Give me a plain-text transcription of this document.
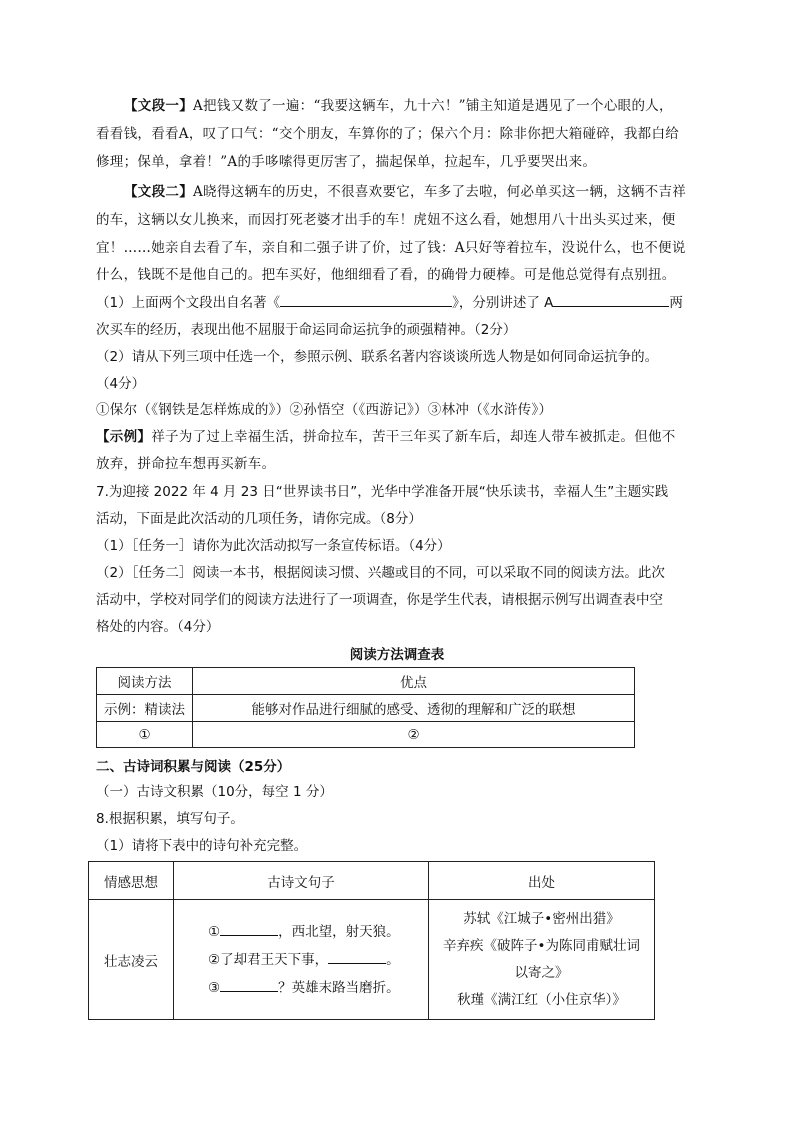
【文段一】A把钱又数了一遍：“我要这辆车，九十六！”铺主知道是遇见了一个心眼的人，
看看钱，看看A，叹了口气：“交个朋友，车算你的了；保六个月：除非你把大箱碰碎，我都白给
修理；保单，拿着！”A的手哆嗦得更厉害了，揣起保单，拉起车，几乎要哭出来。
【文段二】A晓得这辆车的历史，不很喜欢要它，车多了去啦，何必单买这一辆，这辆不吉祥
的车，这辆以女儿换来，而因打死老婆才出手的车！虎妞不这么看，她想用八十出头买过来，便
宜！……她亲自去看了车，亲自和二强子讲了价，过了钱：A只好等着拉车，没说什么，也不便说
什么，钱既不是他自己的。把车买好，他细细看了看，的确骨力硬棒。可是他总觉得有点别扭。
（1）上面两个文段出自名著《	》，分别讲述了 A	两
次买车的经历，表现出他不屈服于命运同命运抗争的顽强精神。（2分）
（2）请从下列三项中任选一个，参照示例、联系名著内容谈谈所选人物是如何同命运抗争的。
（4分）
①保尔（《钢铁是怎样炼成的》）②孙悟空（《西游记》）③林冲（《水浒传》）
【示例】祥子为了过上幸福生活，拼命拉车，苦干三年买了新车后，却连人带车被抓走。但他不
放弃，拼命拉车想再买新车。
7.为迎接 2022 年 4 月 23 日“世界读书日”，光华中学准备开展“快乐读书，幸福人生”主题实践
活动，下面是此次活动的几项任务，请你完成。（8分）
（1）［任务一］请你为此次活动拟写一条宣传标语。（4分）
（2）［任务二］阅读一本书，根据阅读习惯、兴趣或目的不同，可以采取不同的阅读方法。此次
活动中，学校对同学们的阅读方法进行了一项调查，你是学生代表，请根据示例写出调查表中空
格处的内容。（4分）
阅读方法调查表
阅读方法	优点
示例：精读法	能够对作品进行细腻的感受、透彻的理解和广泛的联想
①	②
二、古诗词积累与阅读（25分）
（一）古诗文积累（10分，每空 1 分）
8.根据积累，填写句子。
（1）请将下表中的诗句补充完整。
情感思想	古诗文句子	出处
壮志凌云	① ，西北望，射天狼。
②了却君王天下事， 。
③ ？英雄末路当磨折。	苏轼《江城子•密州出猎》
辛弃疾《破阵子•为陈同甫赋壮词
以寄之》
秋瑾《满江红（小住京华）》
